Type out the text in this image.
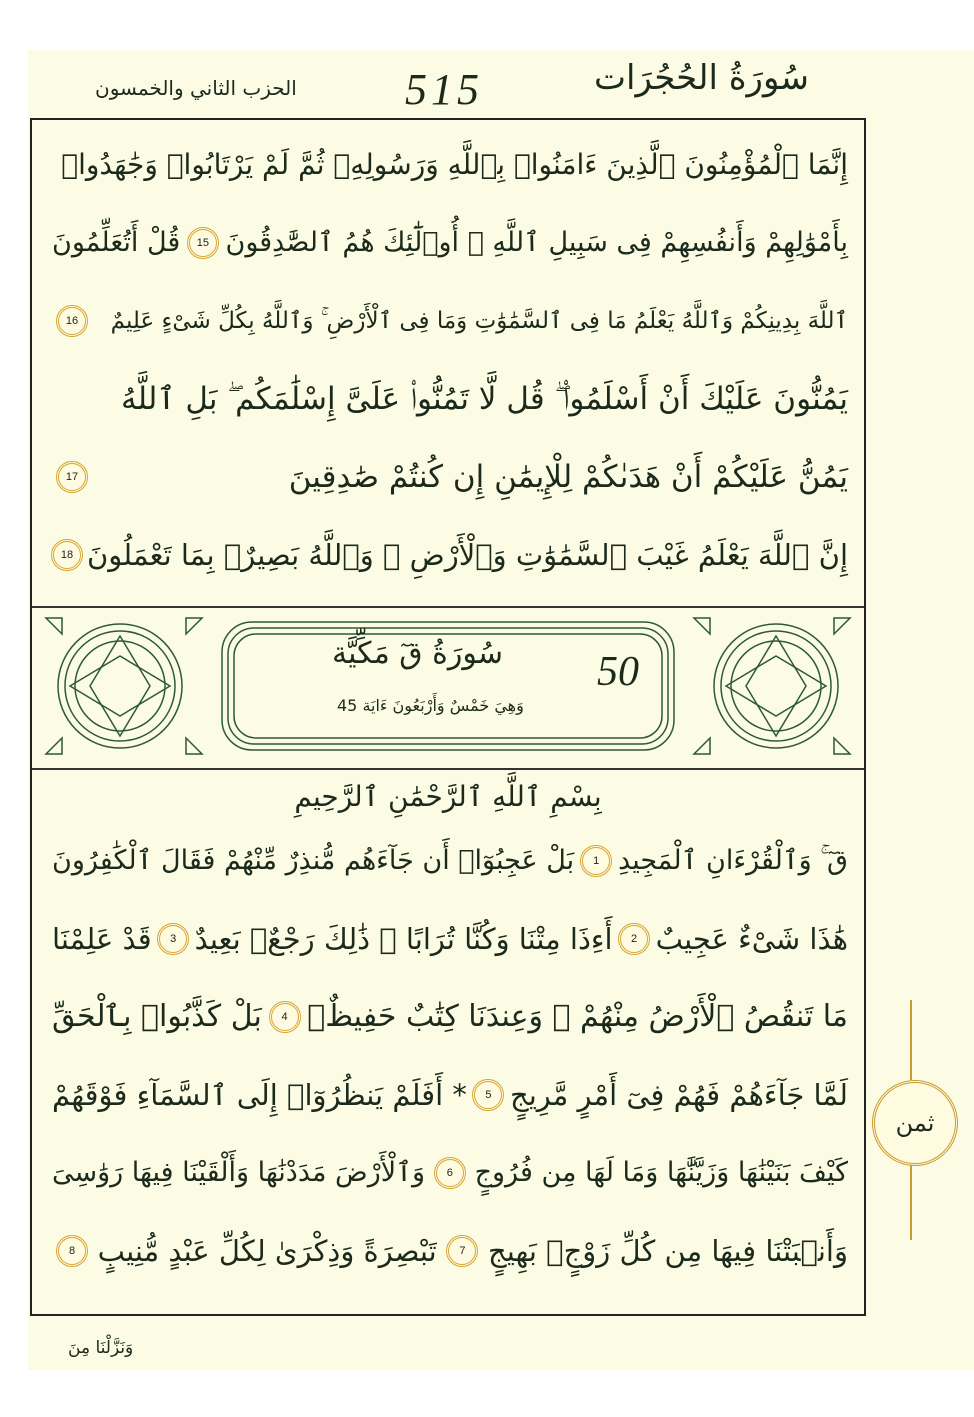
سُورَةُ الحُجُرَات
515
الحزب الثاني والخمسون
إِنَّمَا ٱلْمُؤْمِنُونَ ٱلَّذِينَ ءَامَنُوا۟ بِٱللَّهِ وَرَسُولِهِۦ ثُمَّ لَمْ يَرْتَابُوا۟ وَجَٰهَدُوا۟
بِأَمْوَٰلِهِمْ وَأَنفُسِهِمْ فِى سَبِيلِ ٱللَّهِ ۚ أُو۟لَٰٓئِكَ هُمُ ٱلصَّٰدِقُونَ
15
قُلْ أَتُعَلِّمُونَ
ٱللَّهَ بِدِينِكُمْ وَٱللَّهُ يَعْلَمُ مَا فِى ٱلسَّمَٰوَٰتِ وَمَا فِى ٱلْأَرْضِ ۚ وَٱللَّهُ بِكُلِّ شَىْءٍ عَلِيمٌ
16
يَمُنُّونَ عَلَيْكَ أَنْ أَسْلَمُوا۟ ۖ قُل لَّا تَمُنُّوا۟ عَلَىَّ إِسْلَٰمَكُم ۖ بَلِ ٱللَّهُ
يَمُنُّ عَلَيْكُمْ أَنْ هَدَىٰكُمْ لِلْإِيمَٰنِ إِن كُنتُمْ صَٰدِقِينَ
17
إِنَّ ٱللَّهَ يَعْلَمُ غَيْبَ ٱلسَّمَٰوَٰتِ وَٱلْأَرْضِ ۚ وَٱللَّهُ بَصِيرٌۢ بِمَا تَعْمَلُونَ
18
سُورَةُ قٓ مَكِّيَّة 50
وَهِيَ خَمْسٌ وَأَرْبَعُونَ ءَايَة 45
بِسْمِ ٱللَّهِ ٱلرَّحْمَٰنِ ٱلرَّحِيمِ
قٓ ۚ وَٱلْقُرْءَانِ ٱلْمَجِيدِ
1
بَلْ عَجِبُوٓا۟ أَن جَآءَهُم مُّنذِرٌ مِّنْهُمْ فَقَالَ ٱلْكَٰفِرُونَ
هَٰذَا شَىْءٌ عَجِيبٌ
2
أَءِذَا مِتْنَا وَكُنَّا تُرَابًا ۖ ذَٰلِكَ رَجْعٌۢ بَعِيدٌ
3
قَدْ عَلِمْنَا
مَا تَنقُصُ ٱلْأَرْضُ مِنْهُمْ ۖ وَعِندَنَا كِتَٰبٌ حَفِيظٌۢ
4
بَلْ كَذَّبُوا۟ بِٱلْحَقِّ
لَمَّا جَآءَهُمْ فَهُمْ فِىٓ أَمْرٍ مَّرِيجٍ
5
* أَفَلَمْ يَنظُرُوٓا۟ إِلَى ٱلسَّمَآءِ فَوْقَهُمْ
كَيْفَ بَنَيْنَٰهَا وَزَيَّنَّٰهَا وَمَا لَهَا مِن فُرُوجٍ
6
وَٱلْأَرْضَ مَدَدْنَٰهَا وَأَلْقَيْنَا فِيهَا رَوَٰسِىَ
وَأَنۢبَتْنَا فِيهَا مِن كُلِّ زَوْجٍۭ بَهِيجٍ
7
تَبْصِرَةً وَذِكْرَىٰ لِكُلِّ عَبْدٍ مُّنِيبٍ
8
ثمن
وَنَزَّلْنَا مِنَ
